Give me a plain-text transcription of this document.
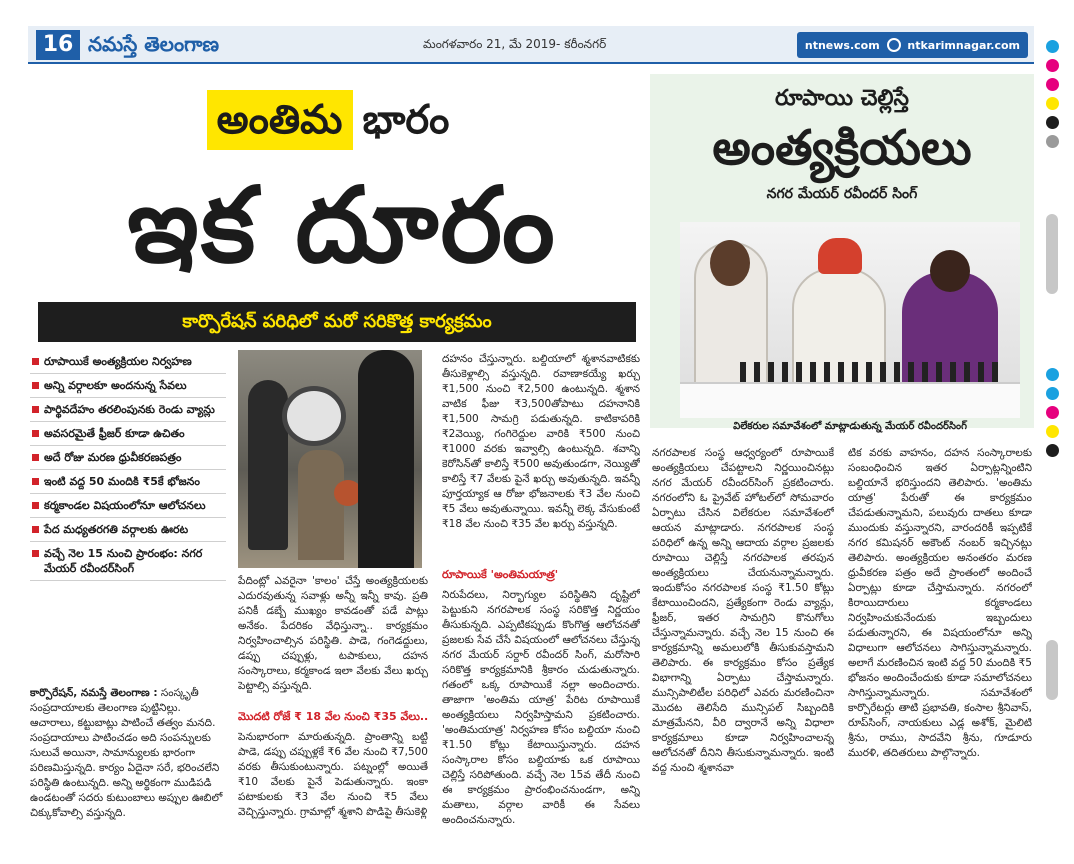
16 నమస్తే తెలంగాణ	మంగళవారం 21, మే 2019- కరీంనగర్	ntnews.com	ntkarimnagar.com
అంతిమ భారం
ఇక దూరం
కార్పొరేషన్ పరిధిలో మరో సరికొత్త కార్యక్రమం
రూపాయికే అంత్యక్రియల నిర్వహణ
అన్ని వర్గాలకూ అందనున్న సేవలు
పార్థివదేహం తరలింపునకు రెండు వ్యాన్లు
అవసరమైతే ఫ్రీజర్ కూడా ఉచితం
అదే రోజు మరణ ధ్రువీకరణపత్రం
ఇంటి వద్ద 50 మందికి ₹5కే భోజనం
కర్మకాండల విషయంలోనూ ఆలోచనలు
పేద మధ్యతరగతి వర్గాలకు ఊరట
వచ్చే నెల 15 నుంచి ప్రారంభం: నగర మేయర్ రవీందర్‌సింగ్
కార్పొరేషన్, నమస్తే తెలంగాణ : సంస్కృతీ సంప్రదాయాలకు తెలంగాణ పుట్టినిల్లు. ఆచారాలు, కట్టుబాట్లు పాటించే తత్వం మనది. సంప్రదాయాలు పాటించడం అది సంపన్నులకు సులువే అయినా, సామాన్యులకు భారంగా పరిణమిస్తున్నది. కార్యం ఏదైనా సరే, భరించలేని పరిస్థితి ఉంటున్నది. అన్ని అర్థికంగా ముడిపడి ఉండటంతో సదరు కుటుంబాలు అప్పుల ఊబిలో చిక్కుకోవాల్సి వస్తున్నది.
పేదింట్లో ఎవరైనా 'కాలం' చేస్తే అంత్యక్రియలకు ఎదురవుతున్న సవాళ్లు అన్నీ ఇన్నీ కావు. ప్రతి పనికీ డబ్బే ముఖ్యం కావడంతో పడే పాట్లు అనేకం. పేదరికం వేధిస్తున్నా.. కార్యక్రమం నిర్వహించాల్సిన పరిస్థితి. పాడె, గంగెడద్దులు, డప్పు చప్పుళ్లు, టపాకులు, దహన సంస్కారాలు, కర్మకాండ ఇలా వేలకు వేలు ఖర్చు పెట్టాల్సి వస్తున్నది.
మొదటి రోజే ₹ 18 వేల నుంచి ₹35 వేలు..
పెనుభారంగా మారుతున్నది. ప్రాంతాన్ని బట్టి పాడె, డప్పు చప్పుళ్లకే ₹6 వేల నుంచి ₹7,500 వరకు తీసుకుంటున్నారు. పట్నంల్లో అయితే ₹10 వేలకు పైనే పెడుతున్నారు. ఇంకా పటాకులకు ₹3 వేల నుంచి ₹5 వేలు వెచ్చిస్తున్నారు. గ్రామాల్లో శ్మశాని పొడిపై తీసుకెళ్లి
దహనం చేస్తున్నారు. బల్దియాలో శ్మశానవాటికకు తీసుకెళ్లాల్సి వస్తున్నది. రవాణాకయ్యే ఖర్చు ₹1,500 నుంచి ₹2,500 ఉంటున్నది. శ్మశాన వాటిక ఫీజు ₹3,500తోపాటు దహనానికి ₹1,500 సామగ్రి పడుతున్నది. కాటికాపరికి ₹2వెయ్యి, గంగిరెద్దుల వారికి ₹500 నుంచి ₹1000 వరకు ఇవ్వాల్సి ఉంటున్నది. శవాన్ని కెరోసిన్‌తో కాలిస్తే ₹500 అవుతుండగా, నెయ్యితో కాలిస్తే ₹7 వేలకు పైనే ఖర్చు అవుతున్నది. ఇవన్నీ పూర్తయ్యాక ఆ రోజు భోజనాలకు ₹3 వేల నుంచి ₹5 వేలు అవుతున్నాయి. ఇవన్నీ లెక్క వేసుకుంటే ₹18 వేల నుంచి ₹35 వేల ఖర్చు వస్తున్నది.
రూపాయికే 'అంతిమయాత్ర'
నిరుపేదలు, నిర్భాగ్యుల పరిస్థితిని దృష్టిలో పెట్టుకుని నగరపాలక సంస్థ సరికొత్త నిర్ణయం తీసుకున్నది. ఎప్పటికప్పుడు కొంగొత్త ఆలోచనతో ప్రజలకు సేవ చేసే విషయంలో ఆలోచనలు చేస్తున్న నగర మేయర్ సర్దార్ రవీందర్ సింగ్, మరోసారి సరికొత్త కార్యక్రమానికి శ్రీకారం చుడుతున్నారు. గతంలో ఒక్క రూపాయికే నల్లా అందించారు. తాజాగా 'అంతిమ యాత్ర' పేరిట రూపాయికే అంత్యక్రియలు నిర్వహిస్తామని ప్రకటించారు. 'అంతిమయాత్ర' నిర్వహణ కోసం బల్దియా నుంచి ₹1.50 కోట్లు కేటాయిస్తున్నారు. దహన సంస్కారాల కోసం బల్దియాకు ఒక రూపాయి చెల్లిస్తే సరిపోతుంది. వచ్చే నెల 15వ తేదీ నుంచి ఈ కార్యక్రమం ప్రారంభించనుండగా, అన్ని మతాలు, వర్గాల వారికీ ఈ సేవలు అందించనున్నారు.
రూపాయి చెల్లిస్తే
అంత్యక్రియలు
నగర మేయర్ రవీందర్ సింగ్
విలేకరుల సమావేశంలో మాట్లాడుతున్న మేయర్ రవీందర్‌సింగ్
నగరపాలక సంస్థ ఆధ్వర్యంలో రూపాయికే అంత్యక్రియలు చేపట్టాలని నిర్ణయించినట్లు నగర మేయర్ రవీందర్‌సింగ్ ప్రకటించారు. నగరంలోని ఓ ప్రైవేట్ హోటల్‌లో సోమవారం ఏర్పాటు చేసిన విలేకరుల సమావేశంలో ఆయన మాట్లాడారు. నగరపాలక సంస్థ పరిధిలో ఉన్న అన్ని ఆదాయ వర్గాల ప్రజలకు రూపాయి చెల్లిస్తే నగరపాలక తరపున అంత్యక్రియలు చేయనున్నామన్నారు. ఇందుకోసం నగరపాలక సంస్థ ₹1.50 కోట్లు కేటాయించిందని, ప్రత్యేకంగా రెండు వ్యాన్లు, ఫ్రీజర్, ఇతర సామగ్రిని కొనుగోలు చేస్తున్నామన్నారు. వచ్చే నెల 15 నుంచి ఈ కార్యక్రమాన్ని అమలులోకి తీసుకువస్తామని తెలిపారు. ఈ కార్యక్రమం కోసం ప్రత్యేక విభాగాన్ని ఏర్పాటు చేస్తామన్నారు. మున్సిపాలిటీల పరిధిలో ఎవరు మరణించినా మొదట తెలిసేది మున్సిపల్ సిబ్బందికి మాత్రమేనని, వీరి ద్వారానే అన్ని విధాలా కార్యక్రమాలు కూడా నిర్వహించాలన్న ఆలోచనతో దీనిని తీసుకున్నామన్నారు. ఇంటి వద్ద నుంచి శ్మశానవా
టిక వరకు వాహనం, దహన సంస్కారాలకు సంబంధించిన ఇతర ఏర్పాట్లన్నింటిని బల్దియానే భరిస్తుందని తెలిపారు. 'అంతిమ యాత్ర' పేరుతో ఈ కార్యక్రమం చేపడుతున్నామని, పలువురు దాతలు కూడా ముందుకు వస్తున్నారని, వారందరికీ ఇప్పటికే నగర కమిషనర్ అకౌంట్ నంబర్ ఇచ్చినట్లు తెలిపారు. అంత్యక్రియల అనంతరం మరణ ధ్రువీకరణ పత్రం అదే ప్రాంతంలో అందించే ఏర్పాట్లు కూడా చేస్తామన్నారు. నగరంలో కిరాయిదారులు కర్మకాండలు నిర్వహించుకునేందుకు ఇబ్బందులు పడుతున్నారని, ఈ విషయంలోనూ అన్ని విధాలుగా ఆలోచనలు సాగిస్తున్నామన్నారు. అలాగే మరణించిన ఇంటి వద్ద 50 మందికి ₹5 భోజనం అందించేందుకు కూడా సమాలోచనలు సాగిస్తున్నామన్నారు. సమావేశంలో కార్పొరేటర్లు తాటి ప్రభావతి, కంసాల శ్రీనివాస్, రూప్‌సింగ్, నాయకులు ఎడ్ల అశోక్, మైలిటి శ్రీను, రాము, సాదవేని శ్రీను, గూడూరు మురళి, తదితరులు పాల్గొన్నారు.
